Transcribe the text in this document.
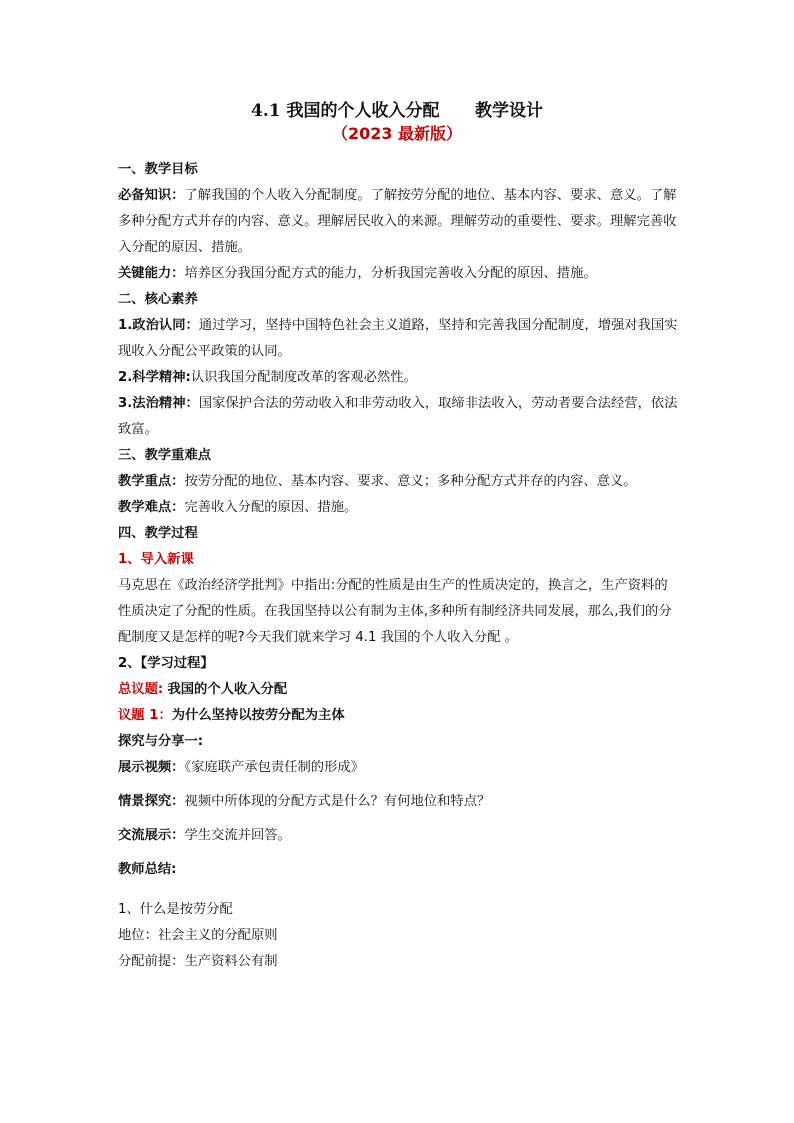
4.1 我国的个人收入分配      教学设计
（2023 最新版）

一、教学目标

必备知识：了解我国的个人收入分配制度。了解按劳分配的地位、基本内容、要求、意义。了解多种分配方式并存的内容、意义。理解居民收入的来源。理解劳动的重要性、要求。理解完善收入分配的原因、措施。

关键能力：培养区分我国分配方式的能力，分析我国完善收入分配的原因、措施。

二、核心素养

1.政治认同：通过学习，坚持中国特色社会主义道路，坚持和完善我国分配制度，增强对我国实现收入分配公平政策的认同。

2.科学精神:认识我国分配制度改革的客观必然性。

3.法治精神：国家保护合法的劳动收入和非劳动收入，取缔非法收入，劳动者要合法经营，依法致富。

三、教学重难点

教学重点：按劳分配的地位、基本内容、要求、意义；多种分配方式并存的内容、意义。

教学难点：完善收入分配的原因、措施。

四、教学过程

1、导入新课

马克思在《政治经济学批判》中指出:分配的性质是由生产的性质决定的，换言之，生产资料的性质决定了分配的性质。在我国坚持以公有制为主体,多种所有制经济共同发展，那么,我们的分配制度又是怎样的呢?今天我们就来学习 4.1 我国的个人收入分配 。

2、【学习过程】

总议题: 我国的个人收入分配

议题 1：为什么坚持以按劳分配为主体

探究与分享一:

展示视频：《家庭联产承包责任制的形成》

情景探究：视频中所体现的分配方式是什么？有何地位和特点？

交流展示：学生交流并回答。

教师总结:

1、什么是按劳分配

地位：社会主义的分配原则

分配前提：生产资料公有制
